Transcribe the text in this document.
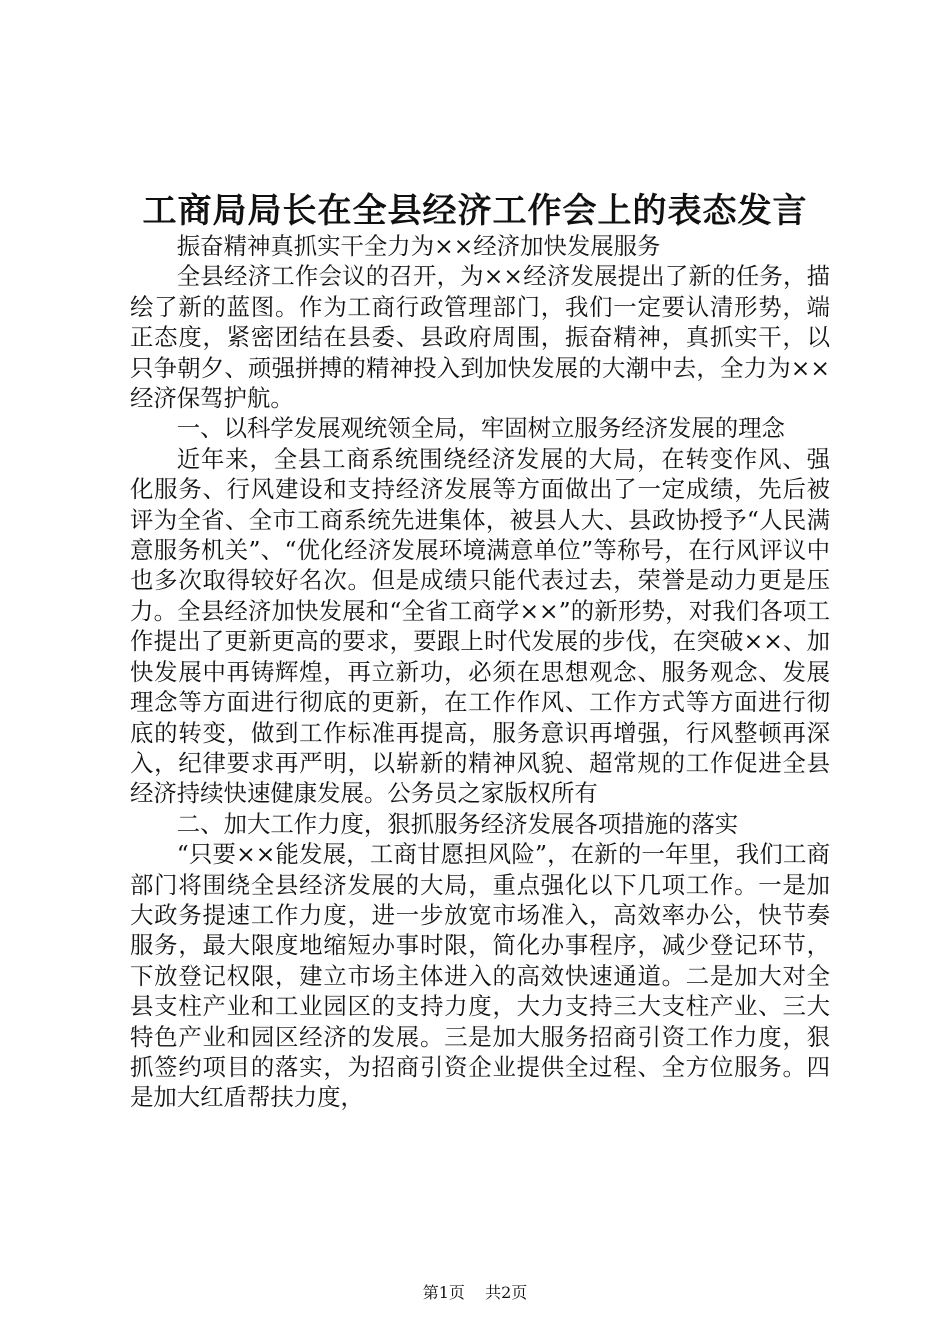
工商局局长在全县经济工作会上的表态发言

振奋精神真抓实干全力为××经济加快发展服务

全县经济工作会议的召开，为××经济发展提出了新的任务，描绘了新的蓝图。作为工商行政管理部门，我们一定要认清形势，端正态度，紧密团结在县委、县政府周围，振奋精神，真抓实干，以只争朝夕、顽强拼搏的精神投入到加快发展的大潮中去，全力为××经济保驾护航。

一、以科学发展观统领全局，牢固树立服务经济发展的理念

近年来，全县工商系统围绕经济发展的大局，在转变作风、强化服务、行风建设和支持经济发展等方面做出了一定成绩，先后被评为全省、全市工商系统先进集体，被县人大、县政协授予“人民满意服务机关”、“优化经济发展环境满意单位”等称号，在行风评议中也多次取得较好名次。但是成绩只能代表过去，荣誉是动力更是压力。全县经济加快发展和“全省工商学××”的新形势，对我们各项工作提出了更新更高的要求，要跟上时代发展的步伐，在突破××、加快发展中再铸辉煌，再立新功，必须在思想观念、服务观念、发展理念等方面进行彻底的更新，在工作作风、工作方式等方面进行彻底的转变，做到工作标准再提高，服务意识再增强，行风整顿再深入，纪律要求再严明，以崭新的精神风貌、超常规的工作促进全县经济持续快速健康发展。公务员之家版权所有

二、加大工作力度，狠抓服务经济发展各项措施的落实

“只要××能发展，工商甘愿担风险”，在新的一年里，我们工商部门将围绕全县经济发展的大局，重点强化以下几项工作。一是加大政务提速工作力度，进一步放宽市场准入，高效率办公，快节奏服务，最大限度地缩短办事时限，简化办事程序，减少登记环节，下放登记权限，建立市场主体进入的高效快速通道。二是加大对全县支柱产业和工业园区的支持力度，大力支持三大支柱产业、三大特色产业和园区经济的发展。三是加大服务招商引资工作力度，狠抓签约项目的落实，为招商引资企业提供全过程、全方位服务。四是加大红盾帮扶力度，

第1页 共2页
